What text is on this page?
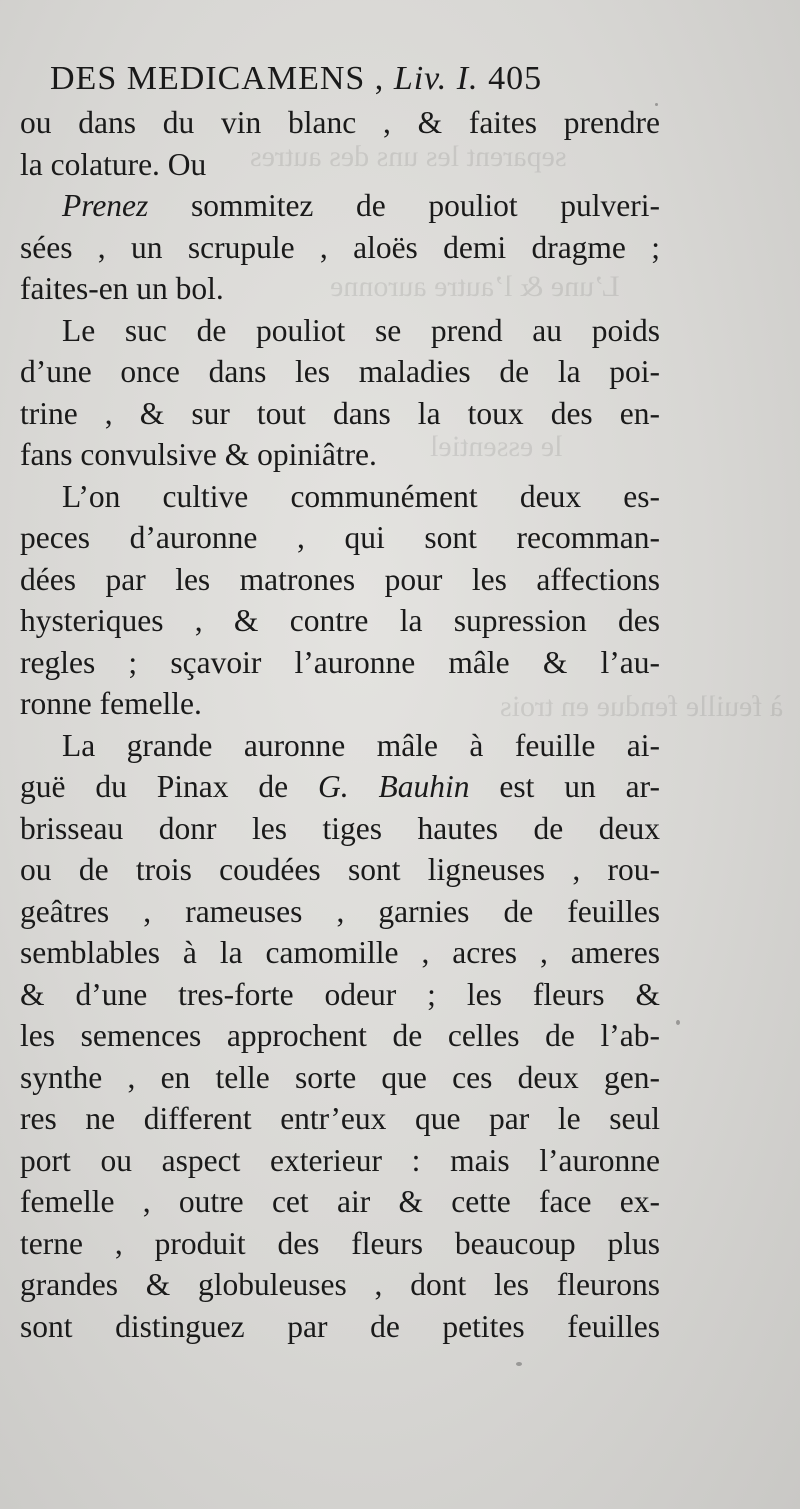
separent les uns des autres
L’une & l’autre auronne
le essentiel
à feuille fendue en trois
DES MEDICAMENS , Liv. I. 405
ou dans du vin blanc , & faites prendre
la colature. Ou
Prenez sommitez de pouliot pulveri-
sées , un scrupule , aloës demi dragme ;
faites-en un bol.
Le suc de pouliot se prend au poids
d’une once dans les maladies de la poi-
trine , & sur tout dans la toux des en-
fans convulsive & opiniâtre.
L’on cultive communément deux es-
peces d’auronne , qui sont recomman-
dées par les matrones pour les affections
hysteriques , & contre la supression des
regles ; sçavoir l’auronne mâle & l’au-
ronne femelle.
La grande auronne mâle à feuille ai-
guë du Pinax de G. Bauhin est un ar-
brisseau donr les tiges hautes de deux
ou de trois coudées sont ligneuses , rou-
geâtres , rameuses , garnies de feuilles
semblables à la camomille , acres , ameres
& d’une tres-forte odeur ; les fleurs &
les semences approchent de celles de l’ab-
synthe , en telle sorte que ces deux gen-
res ne different entr’eux que par le seul
port ou aspect exterieur : mais l’auronne
femelle , outre cet air & cette face ex-
terne , produit des fleurs beaucoup plus
grandes & globuleuses , dont les fleurons
sont distinguez par de petites feuilles
